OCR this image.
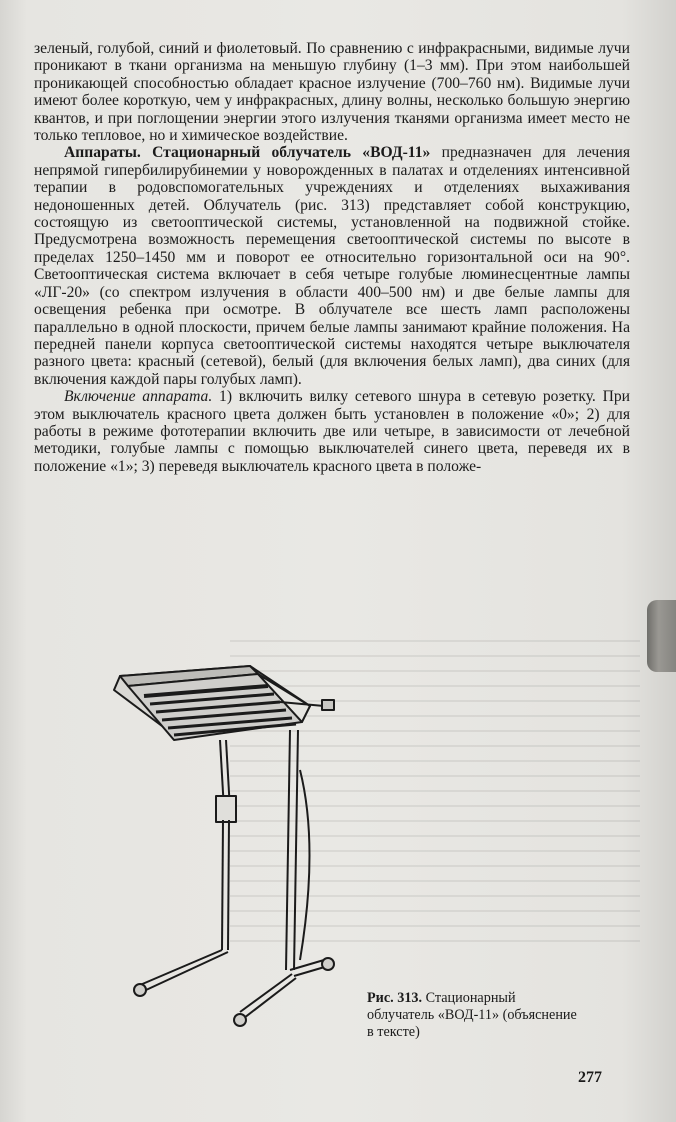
зеленый, голубой, синий и фиолетовый. По сравнению с инфракрасными, видимые лучи проникают в ткани организма на меньшую глубину (1–3 мм). При этом наибольшей проникающей способностью обладает красное излучение (700–760 нм). Видимые лучи имеют более короткую, чем у инфракрасных, длину волны, несколько большую энергию квантов, и при поглощении энергии этого излучения тканями организма имеет место не только тепловое, но и химическое воздействие.

Аппараты. Стационарный облучатель «ВОД-11» предназначен для лечения непрямой гипербилирубинемии у новорожденных в палатах и отделениях интенсивной терапии в родовспомогательных учреждениях и отделениях выхаживания недоношенных детей. Облучатель (рис. 313) представляет собой конструкцию, состоящую из светооптической системы, установленной на подвижной стойке. Предусмотрена возможность перемещения светооптической системы по высоте в пределах 1250–1450 мм и поворот ее относительно горизонтальной оси на 90°. Светооптическая система включает в себя четыре голубые люминесцентные лампы «ЛГ-20» (со спектром излучения в области 400–500 нм) и две белые лампы для освещения ребенка при осмотре. В облучателе все шесть ламп расположены параллельно в одной плоскости, причем белые лампы занимают крайние положения. На передней панели корпуса светооптической системы находятся четыре выключателя разного цвета: красный (сетевой), белый (для включения белых ламп), два синих (для включения каждой пары голубых ламп).

Включение аппарата. 1) включить вилку сетевого шнура в сетевую розетку. При этом выключатель красного цвета должен быть установлен в положение «0»; 2) для работы в режиме фототерапии включить две или четыре, в зависимости от лечебной методики, голубые лампы с помощью выключателей синего цвета, переведя их в положение «1»; 3) переведя выключатель красного цвета в положе-

Рис. 313. Стационарный облучатель «ВОД-11» (объяснение в тексте)
277
